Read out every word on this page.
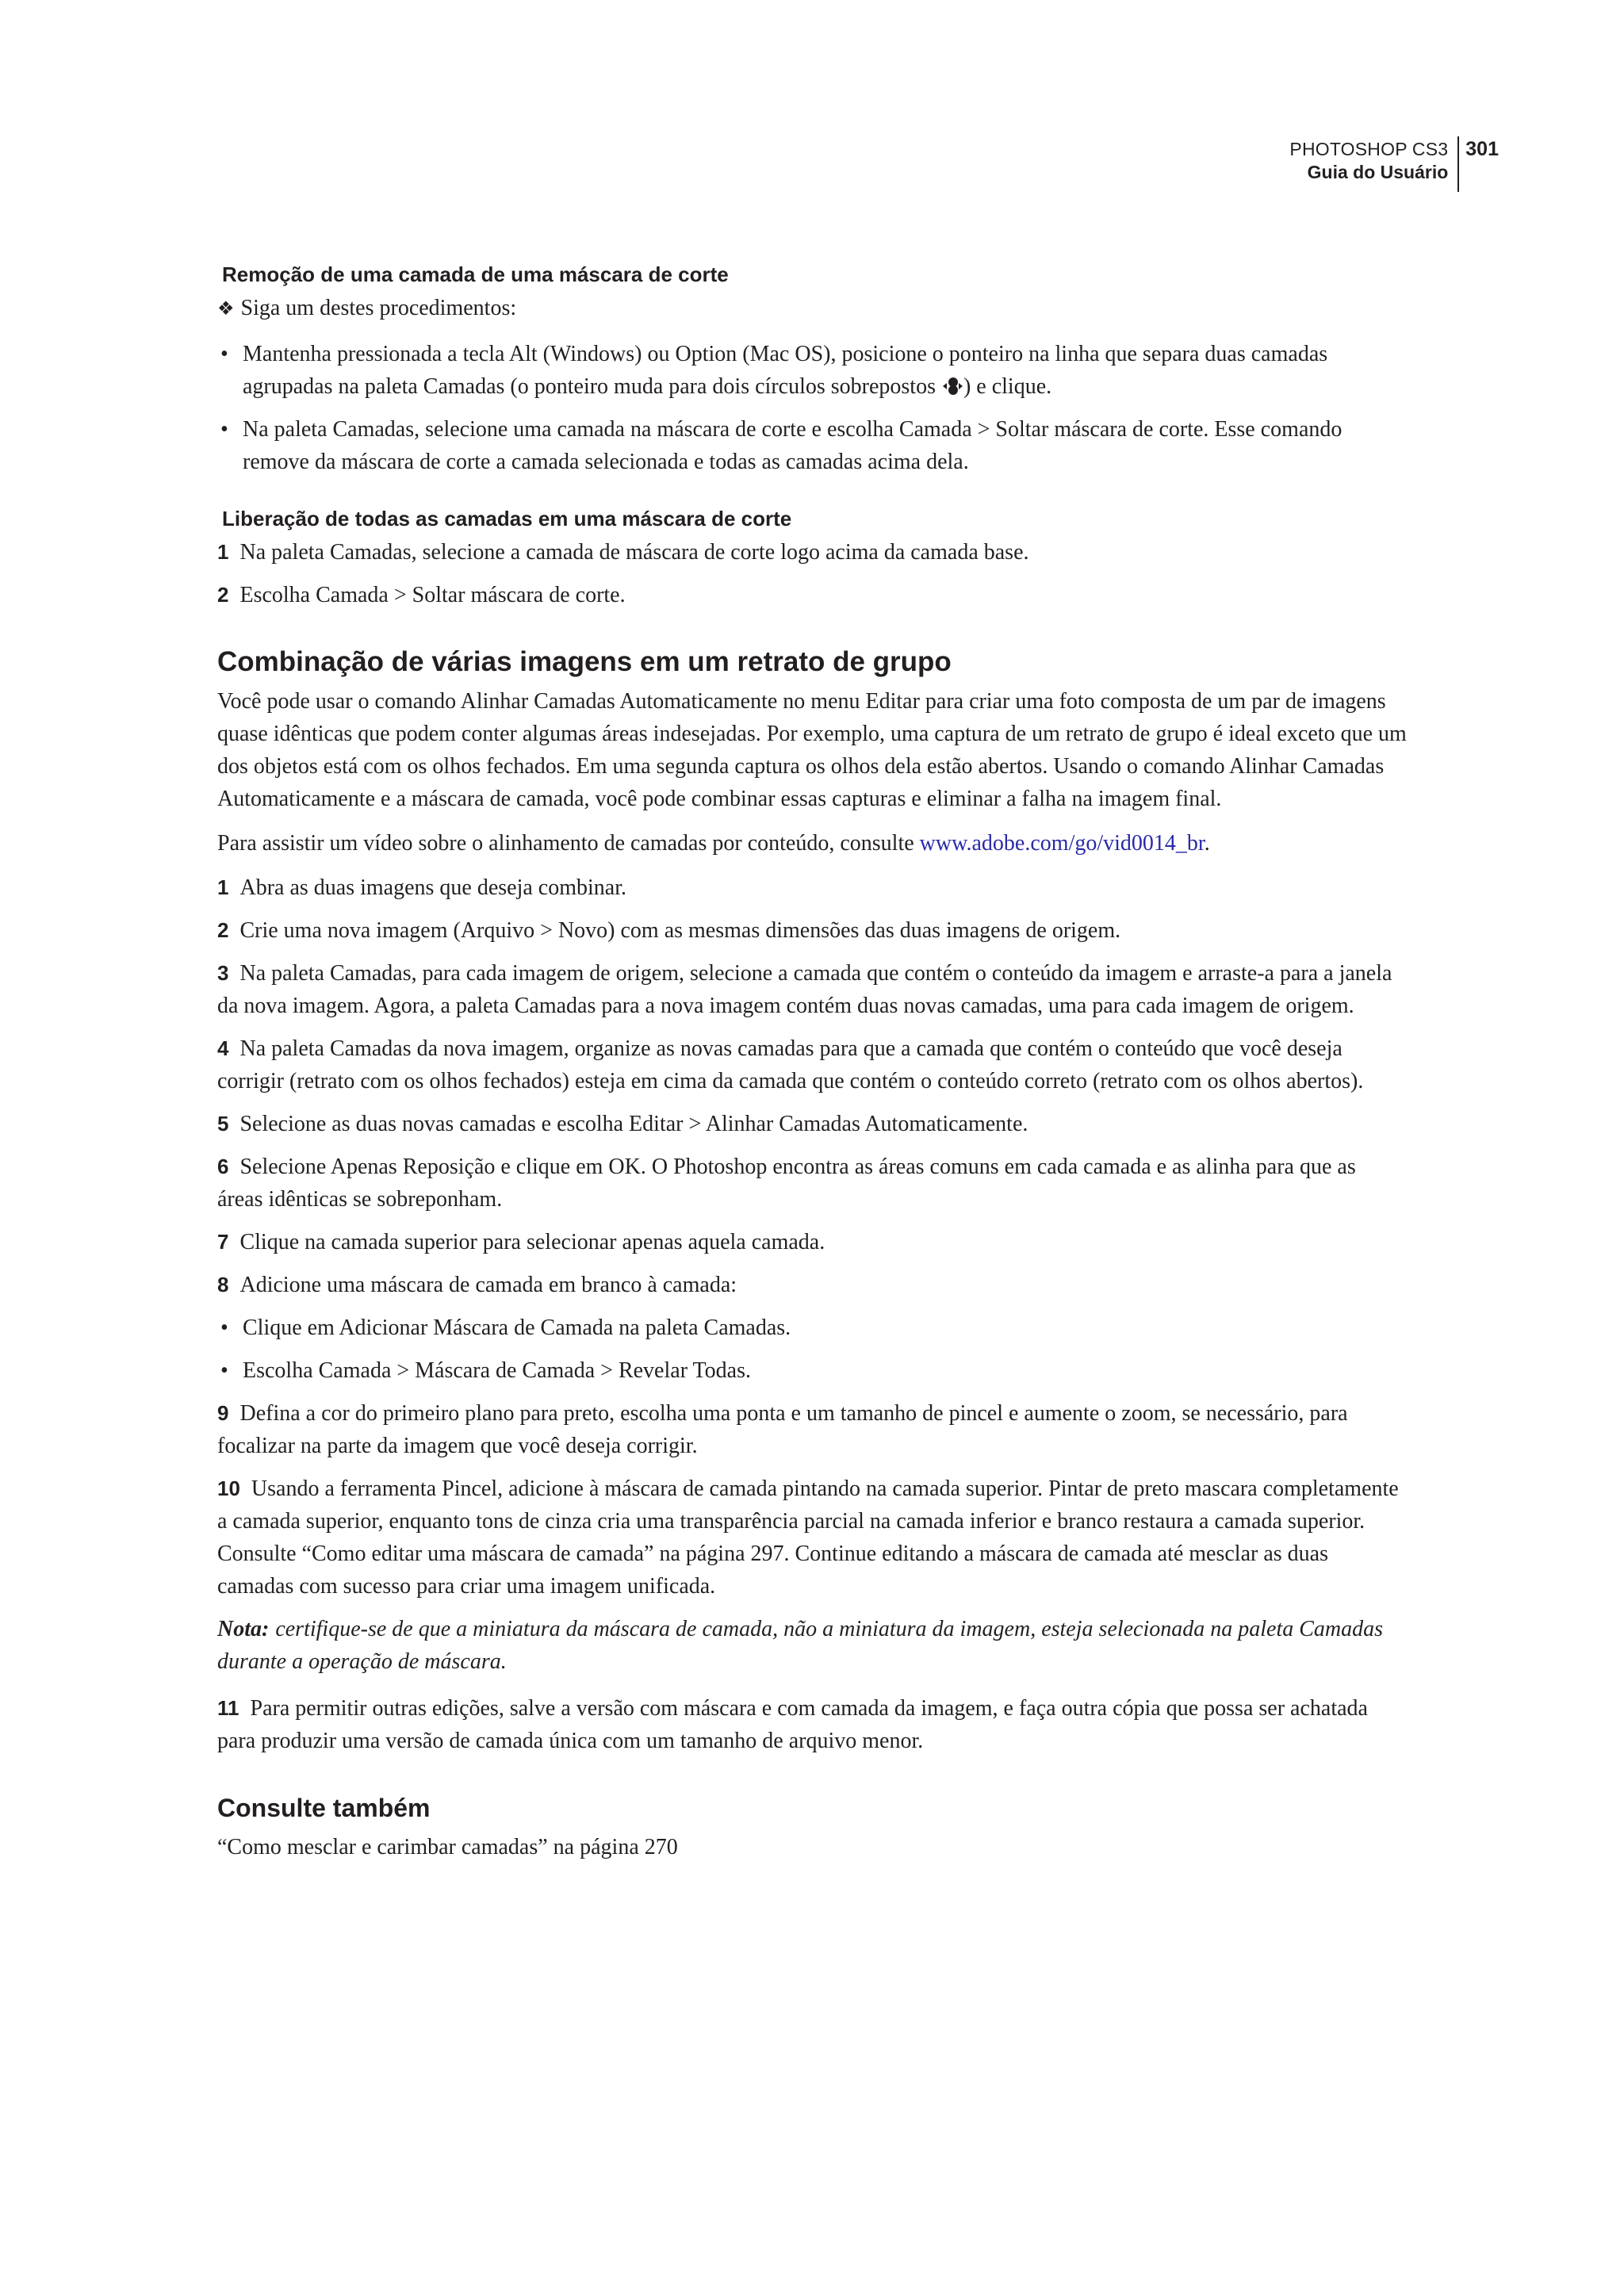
PHOTOSHOP CS3
Guia do Usuário
301
Remoção de uma camada de uma máscara de corte
❖ Siga um destes procedimentos:
• Mantenha pressionada a tecla Alt (Windows) ou Option (Mac OS), posicione o ponteiro na linha que separa duas camadas agrupadas na paleta Camadas (o ponteiro muda para dois círculos sobrepostos ) e clique.
• Na paleta Camadas, selecione uma camada na máscara de corte e escolha Camada > Soltar máscara de corte. Esse comando remove da máscara de corte a camada selecionada e todas as camadas acima dela.
Liberação de todas as camadas em uma máscara de corte
1 Na paleta Camadas, selecione a camada de máscara de corte logo acima da camada base.
2 Escolha Camada > Soltar máscara de corte.
Combinação de várias imagens em um retrato de grupo
Você pode usar o comando Alinhar Camadas Automaticamente no menu Editar para criar uma foto composta de um par de imagens quase idênticas que podem conter algumas áreas indesejadas. Por exemplo, uma captura de um retrato de grupo é ideal exceto que um dos objetos está com os olhos fechados. Em uma segunda captura os olhos dela estão abertos. Usando o comando Alinhar Camadas Automaticamente e a máscara de camada, você pode combinar essas capturas e eliminar a falha na imagem final.
Para assistir um vídeo sobre o alinhamento de camadas por conteúdo, consulte www.adobe.com/go/vid0014_br.
1 Abra as duas imagens que deseja combinar.
2 Crie uma nova imagem (Arquivo > Novo) com as mesmas dimensões das duas imagens de origem.
3 Na paleta Camadas, para cada imagem de origem, selecione a camada que contém o conteúdo da imagem e arraste-a para a janela da nova imagem. Agora, a paleta Camadas para a nova imagem contém duas novas camadas, uma para cada imagem de origem.
4 Na paleta Camadas da nova imagem, organize as novas camadas para que a camada que contém o conteúdo que você deseja corrigir (retrato com os olhos fechados) esteja em cima da camada que contém o conteúdo correto (retrato com os olhos abertos).
5 Selecione as duas novas camadas e escolha Editar > Alinhar Camadas Automaticamente.
6 Selecione Apenas Reposição e clique em OK. O Photoshop encontra as áreas comuns em cada camada e as alinha para que as áreas idênticas se sobreponham.
7 Clique na camada superior para selecionar apenas aquela camada.
8 Adicione uma máscara de camada em branco à camada:
• Clique em Adicionar Máscara de Camada na paleta Camadas.
• Escolha Camada > Máscara de Camada > Revelar Todas.
9 Defina a cor do primeiro plano para preto, escolha uma ponta e um tamanho de pincel e aumente o zoom, se necessário, para focalizar na parte da imagem que você deseja corrigir.
10 Usando a ferramenta Pincel, adicione à máscara de camada pintando na camada superior. Pintar de preto mascara completamente a camada superior, enquanto tons de cinza cria uma transparência parcial na camada inferior e branco restaura a camada superior. Consulte “Como editar uma máscara de camada” na página 297. Continue editando a máscara de camada até mesclar as duas camadas com sucesso para criar uma imagem unificada.
Nota: certifique-se de que a miniatura da máscara de camada, não a miniatura da imagem, esteja selecionada na paleta Camadas durante a operação de máscara.
11 Para permitir outras edições, salve a versão com máscara e com camada da imagem, e faça outra cópia que possa ser achatada para produzir uma versão de camada única com um tamanho de arquivo menor.
Consulte também
“Como mesclar e carimbar camadas” na página 270
